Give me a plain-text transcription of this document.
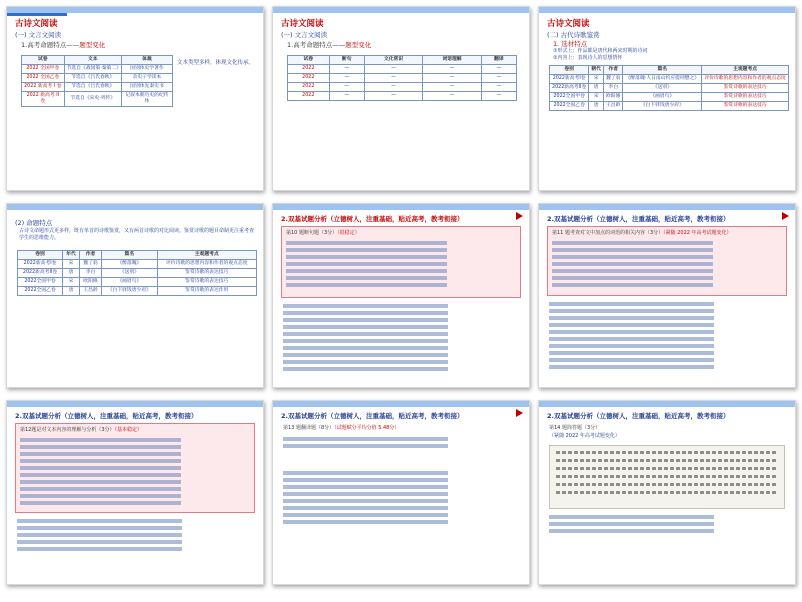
古诗文阅读
(一) 文言文阅读
1.高考命题特点——题型变化
试卷	文本	体裁
2022 全国甲卷	节选自《战国策·秦策二》	国别体史学著作
2022 全国乙卷	节选自《吕氏春秋》	杂史子学读本
2022 新高考 I 卷	节选自《吕氏春秋》	国别体先秦史书
2022 新高考 II 卷	节选自《宋史·列传》	记叙本朝历史的纪传体
文本类型多样，体现文化传承。
古诗文阅读
(一) 文言文阅读
1.高考命题特点——题型变化
试卷	断句	文化常识	词语理解	翻译
2022	—	—	—	—
2022	—	—	—	—
2022	—	—	—	—
2022	—	—	—	—
古诗文阅读
(二) 古代诗歌鉴赏
1. 选材特点
①形式上：作品都是唐代和两宋时期的诗词
②内容上：表现诗人的思想情怀
卷别	朝代	作者	篇名	主观题考点
2022新高考I卷	宋	魏了翁	《醉落魄·人日南山约应提刑懋之》	评价诗歌的思想内容和作者的观点态度
2022新高考II卷	唐	李白	《送别》	鉴赏诗歌的表达技巧
2022全国甲卷	宋	欧阳修	《画眉鸟》	鉴赏诗歌的表达技巧
2022全国乙卷	唐	王昌龄	《白下驿饯唐少府》	鉴赏诗歌的表达技巧
(2) 命题特点
古诗文命题形式更多样，既有单首的诗歌鉴赏，又有两首诗歌的对比阅读。鉴赏诗歌的题目命制更注重考查学生的思维能力。
卷别	年代	作者	篇名	主观题考点
2022新高考I卷	宋	魏了翁	《醉落魄》	评价诗歌的思想内容和作者的观点态度
2022新高考II卷	唐	李白	《送别》	鉴赏诗歌的表达技巧
2022全国甲卷	宋	欧阳修	《画眉鸟》	鉴赏诗歌的表达技巧
2022全国乙卷	唐	王昌龄	《白下驿饯唐少府》	鉴赏诗歌的表达作用
2.双基试题分析（立德树人，注重基础，贴近高考，教考衔接）
第10 题断句题（3分）（很稳定）
2.双基试题分析（立德树人，注重基础，贴近高考，教考衔接）
第11 题考查对文中加点的词语的相关内容（3分）（紧随 2022 年高考试题变化）
2.双基试题分析（立德树人，注重基础，贴近高考，教考衔接）
第12题是对文本内容的理解与分析（3分）（基本稳定）
2.双基试题分析（立德树人，注重基础，贴近高考，教考衔接）
第13 题翻译题（8分）（试题赋分平均分值 5.48分）
2.双基试题分析（立德树人，注重基础，贴近高考，教考衔接）
第14 题简答题（3分）
（紧随 2022 年高考试题变化）
